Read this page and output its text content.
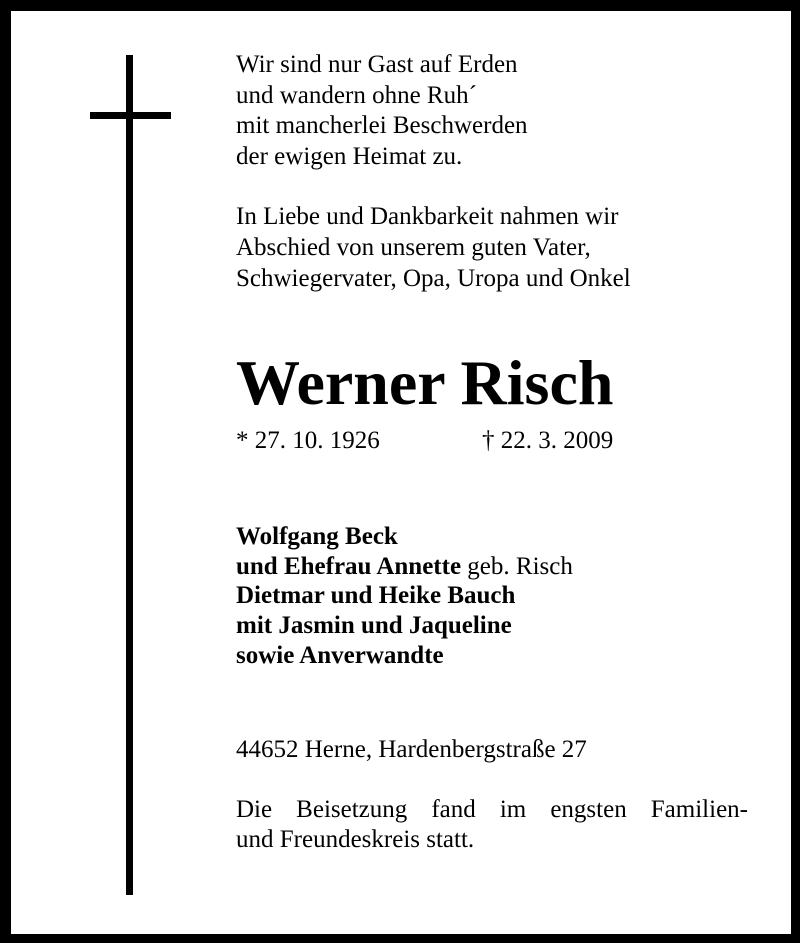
Wir sind nur Gast auf Erden
und wandern ohne Ruh´
mit mancherlei Beschwerden
der ewigen Heimat zu.
In Liebe und Dankbarkeit nahmen wir
Abschied von unserem guten Vater,
Schwiegervater, Opa, Uropa und Onkel
Werner Risch
* 27. 10. 1926	† 22. 3. 2009
Wolfgang Beck
und Ehefrau Annette geb. Risch
Dietmar und Heike Bauch
mit Jasmin und Jaqueline
sowie Anverwandte
44652 Herne, Hardenbergstraße 27
Die Beisetzung fand im engsten Familien-
und Freundeskreis statt.
